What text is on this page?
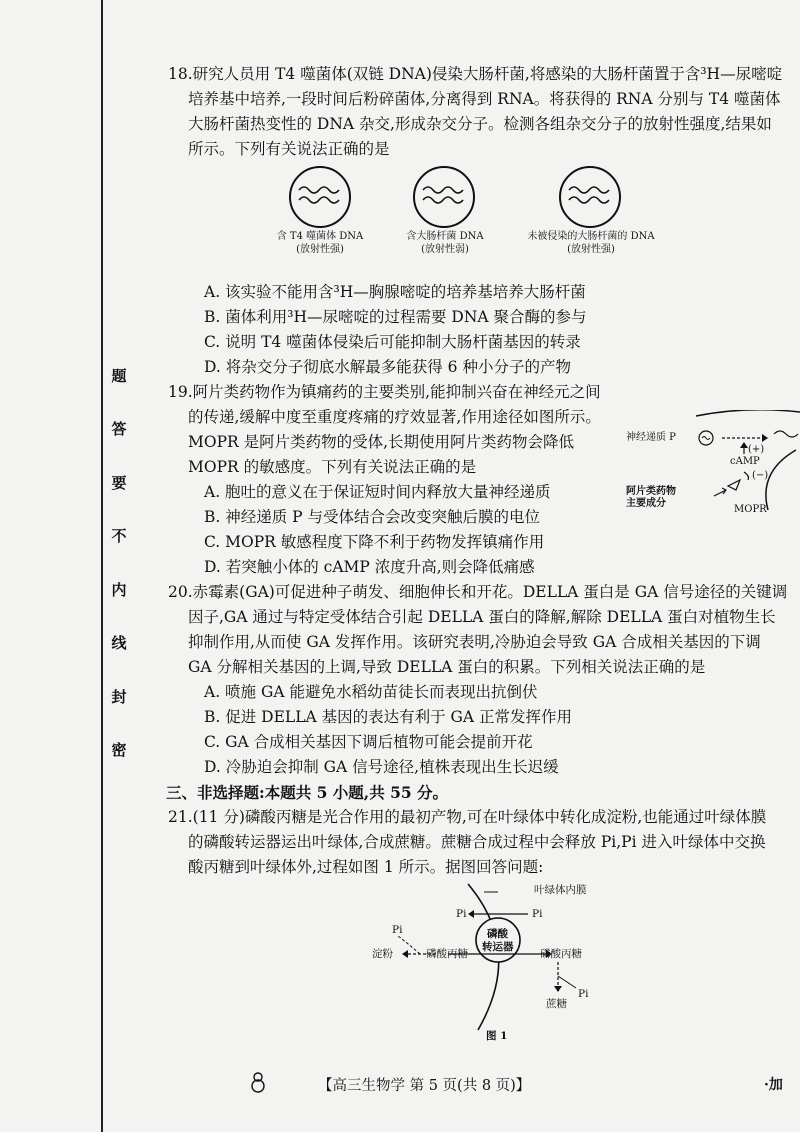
题
答
要
不
内
线
封
密
18.研究人员用 T4 噬菌体(双链 DNA)侵染大肠杆菌,将感染的大肠杆菌置于含³H—尿嘧啶
培养基中培养,一段时间后粉碎菌体,分离得到 RNA。将获得的 RNA 分别与 T4 噬菌体
大肠杆菌热变性的 DNA 杂交,形成杂交分子。检测各组杂交分子的放射性强度,结果如
所示。下列有关说法正确的是
含 T4 噬菌体 DNA
(放射性强)
含大肠杆菌 DNA
(放射性弱)
未被侵染的大肠杆菌的 DNA
(放射性强)
A. 该实验不能用含³H—胸腺嘧啶的培养基培养大肠杆菌
B. 菌体利用³H—尿嘧啶的过程需要 DNA 聚合酶的参与
C. 说明 T4 噬菌体侵染后可能抑制大肠杆菌基因的转录
D. 将杂交分子彻底水解最多能获得 6 种小分子的产物
19.阿片类药物作为镇痛药的主要类别,能抑制兴奋在神经元之间
的传递,缓解中度至重度疼痛的疗效显著,作用途径如图所示。
MOPR 是阿片类药物的受体,长期使用阿片类药物会降低
MOPR 的敏感度。下列有关说法正确的是
A. 胞吐的意义在于保证短时间内释放大量神经递质
B. 神经递质 P 与受体结合会改变突触后膜的电位
C. MOPR 敏感程度下降不利于药物发挥镇痛作用
D. 若突触小体的 cAMP 浓度升高,则会降低痛感
神经递质 P
(+)
cAMP
(−)
阿片类药物
主要成分
MOPR
20.赤霉素(GA)可促进种子萌发、细胞伸长和开花。DELLA 蛋白是 GA 信号途径的关键调
因子,GA 通过与特定受体结合引起 DELLA 蛋白的降解,解除 DELLA 蛋白对植物生长
抑制作用,从而使 GA 发挥作用。该研究表明,冷胁迫会导致 GA 合成相关基因的下调
GA 分解相关基因的上调,导致 DELLA 蛋白的积累。下列相关说法正确的是
A. 喷施 GA 能避免水稻幼苗徒长而表现出抗倒伏
B. 促进 DELLA 基因的表达有利于 GA 正常发挥作用
C. GA 合成相关基因下调后植物可能会提前开花
D. 冷胁迫会抑制 GA 信号途径,植株表现出生长迟缓
三、非选择题:本题共 5 小题,共 55 分。
21.(11 分)磷酸丙糖是光合作用的最初产物,可在叶绿体中转化成淀粉,也能通过叶绿体膜
的磷酸转运器运出叶绿体,合成蔗糖。蔗糖合成过程中会释放 Pi,Pi 进入叶绿体中交换
酸丙糖到叶绿体外,过程如图 1 所示。据图回答问题:
叶绿体内膜
Pi	Pi
Pi	磷酸
转运器
淀粉	磷酸丙糖	磷酸丙糖
Pi
蔗糖
图 1
【高三生物学 第 5 页(共 8 页)】	·加
